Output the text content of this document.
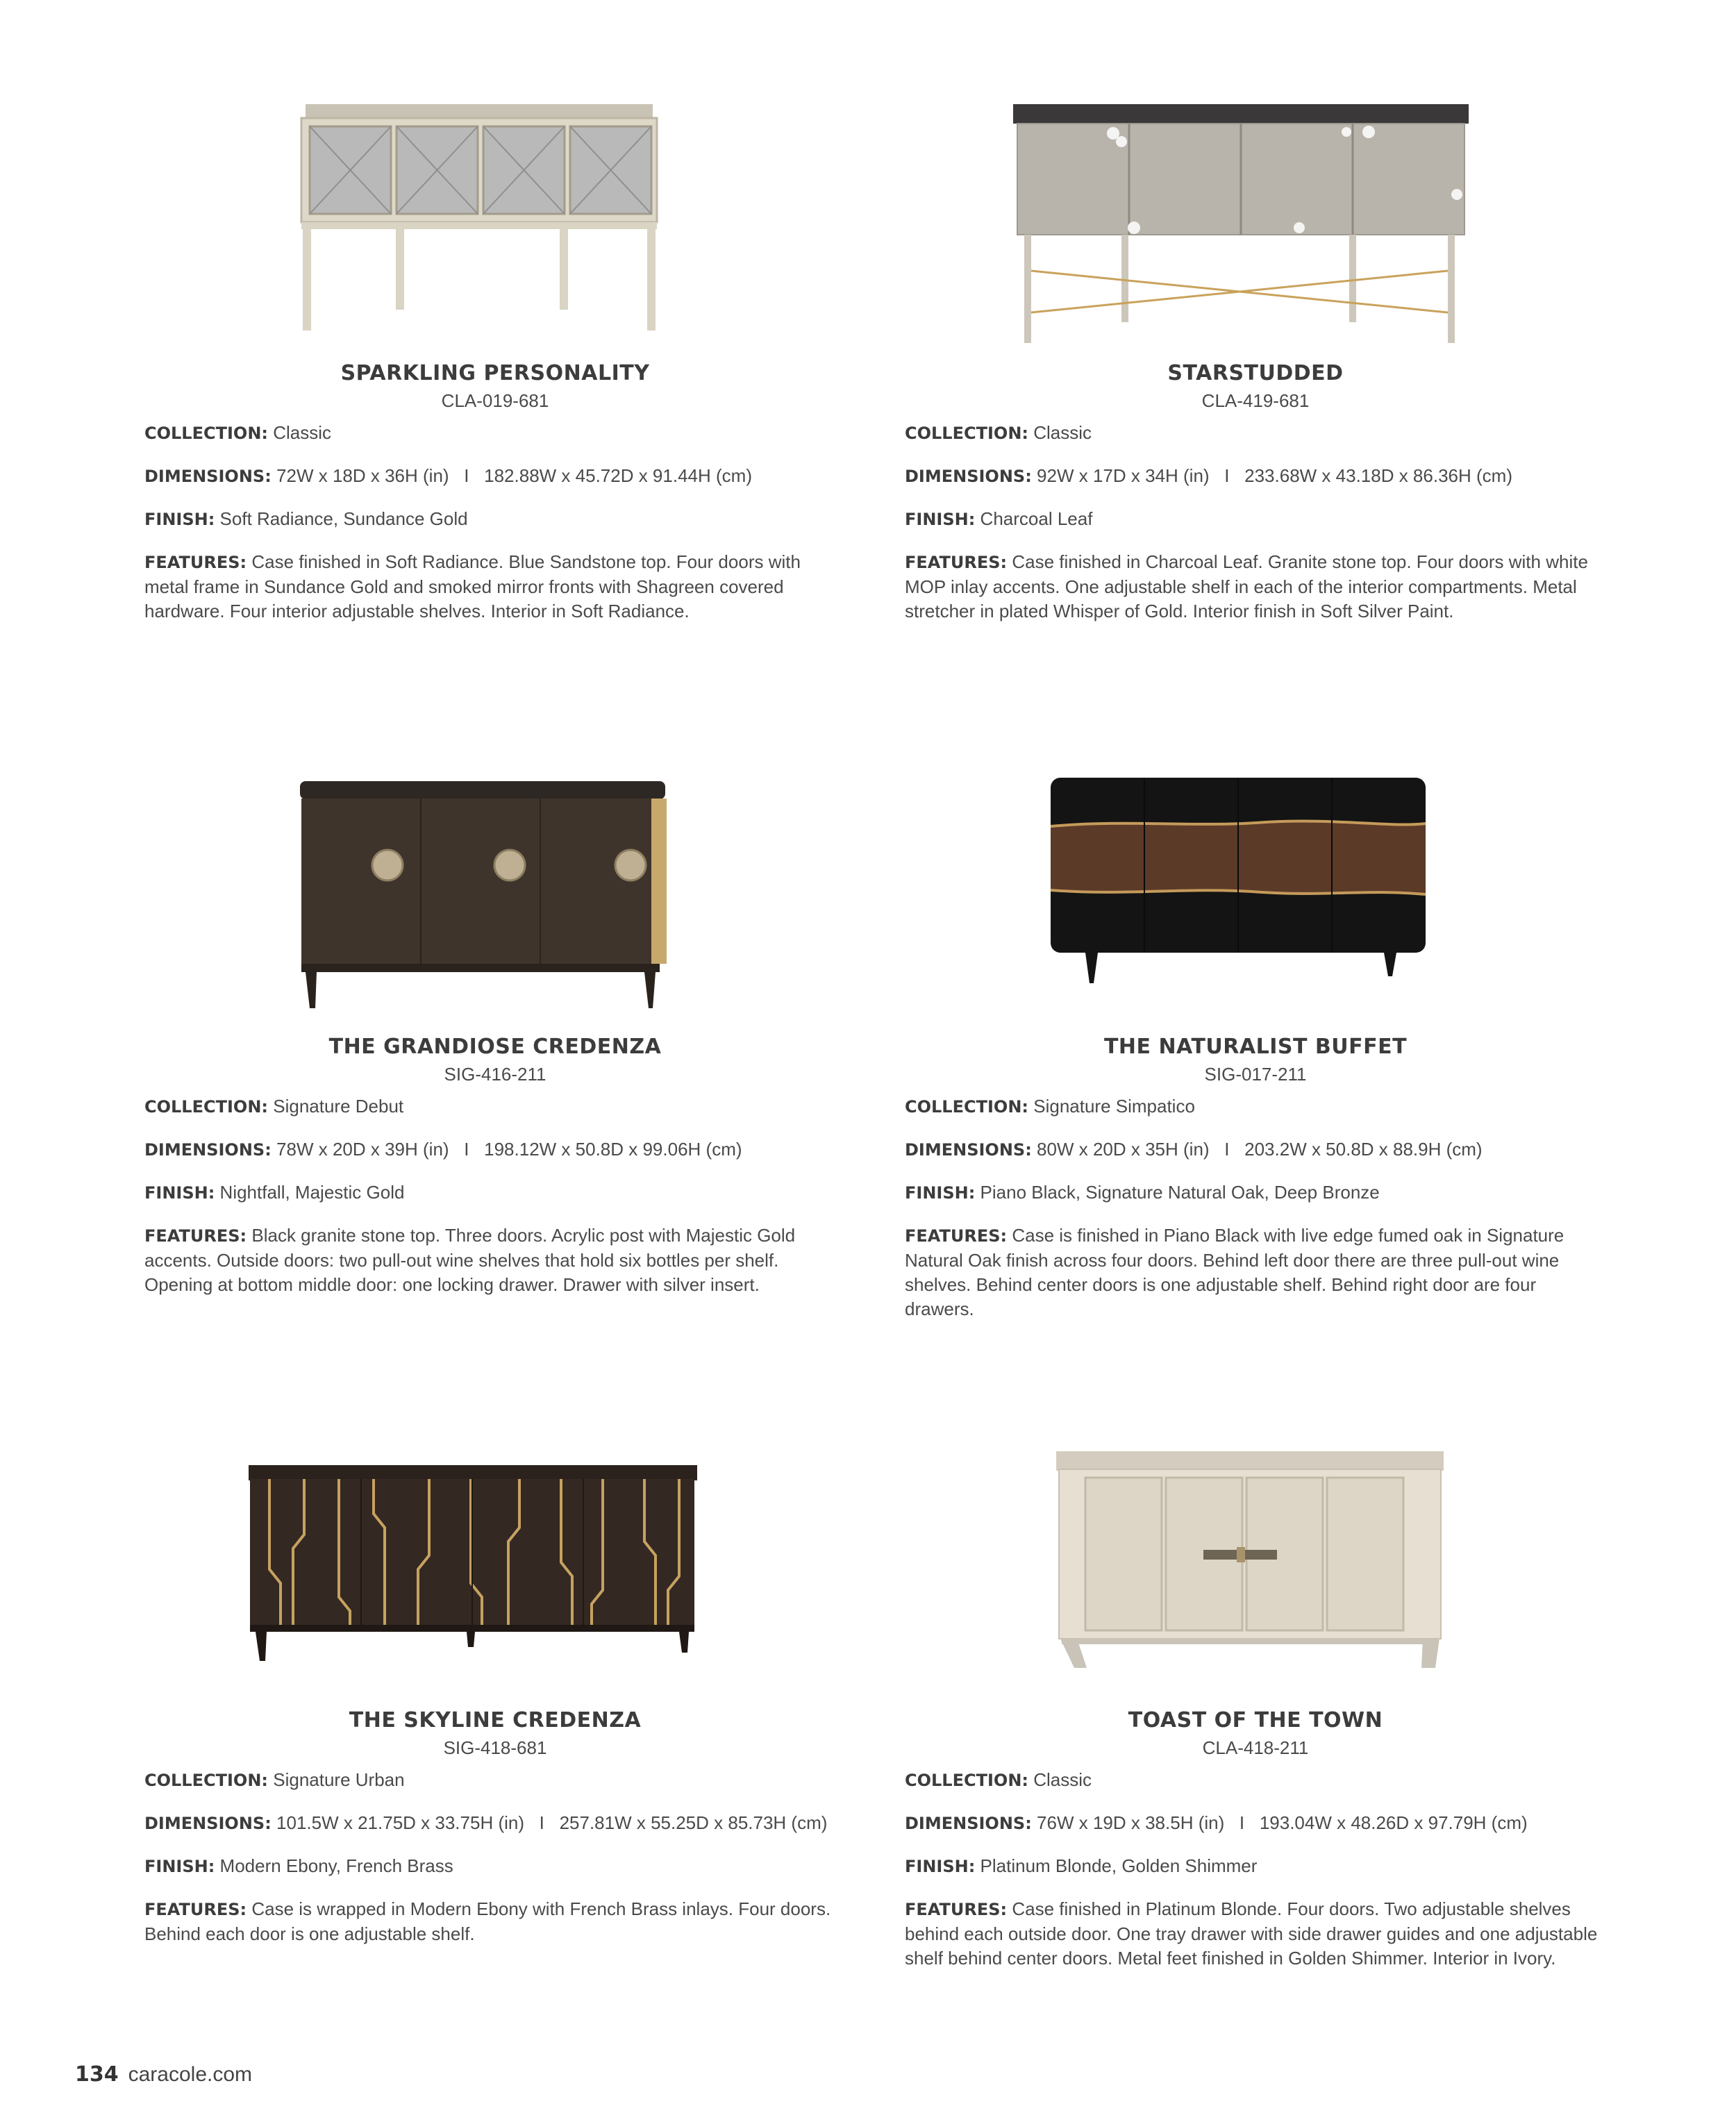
SPARKLING PERSONALITY
CLA-019-681
COLLECTION: Classic
DIMENSIONS: 72W x 18D x 36H (in)   I   182.88W x 45.72D x 91.44H (cm)
FINISH: Soft Radiance, Sundance Gold
FEATURES: Case finished in Soft Radiance. Blue Sandstone top. Four doors with metal frame in Sundance Gold and smoked mirror fronts with Shagreen covered hardware. Four interior adjustable shelves. Interior in Soft Radiance.
STARSTUDDED
CLA-419-681
COLLECTION: Classic
DIMENSIONS: 92W x 17D x 34H (in)   I   233.68W x 43.18D x 86.36H (cm)
FINISH: Charcoal Leaf
FEATURES: Case finished in Charcoal Leaf. Granite stone top. Four doors with white MOP inlay accents. One adjustable shelf in each of the interior compartments. Metal stretcher in plated Whisper of Gold. Interior finish in Soft Silver Paint.
THE GRANDIOSE CREDENZA
SIG-416-211
COLLECTION: Signature Debut
DIMENSIONS: 78W x 20D x 39H (in)   I   198.12W x 50.8D x 99.06H (cm)
FINISH: Nightfall, Majestic Gold
FEATURES: Black granite stone top. Three doors. Acrylic post with Majestic Gold accents. Outside doors: two pull-out wine shelves that hold six bottles per shelf. Opening at bottom middle door: one locking drawer. Drawer with silver insert.
THE NATURALIST BUFFET
SIG-017-211
COLLECTION: Signature Simpatico
DIMENSIONS: 80W x 20D x 35H (in)   I   203.2W x 50.8D x 88.9H (cm)
FINISH: Piano Black, Signature Natural Oak, Deep Bronze
FEATURES: Case is finished in Piano Black with live edge fumed oak in Signature Natural Oak finish across four doors. Behind left door there are three pull-out wine shelves. Behind center doors is one adjustable shelf. Behind right door are four drawers.
THE SKYLINE CREDENZA
SIG-418-681
COLLECTION: Signature Urban
DIMENSIONS: 101.5W x 21.75D x 33.75H (in)   I   257.81W x 55.25D x 85.73H (cm)
FINISH: Modern Ebony, French Brass
FEATURES: Case is wrapped in Modern Ebony with French Brass inlays. Four doors. Behind each door is one adjustable shelf.
TOAST OF THE TOWN
CLA-418-211
COLLECTION: Classic
DIMENSIONS: 76W x 19D x 38.5H (in)   I   193.04W x 48.26D x 97.79H (cm)
FINISH: Platinum Blonde, Golden Shimmer
FEATURES: Case finished in Platinum Blonde. Four doors. Two adjustable shelves behind each outside door. One tray drawer with side drawer guides and one adjustable shelf behind center doors. Metal feet finished in Golden Shimmer. Interior in Ivory.
134 caracole.com
